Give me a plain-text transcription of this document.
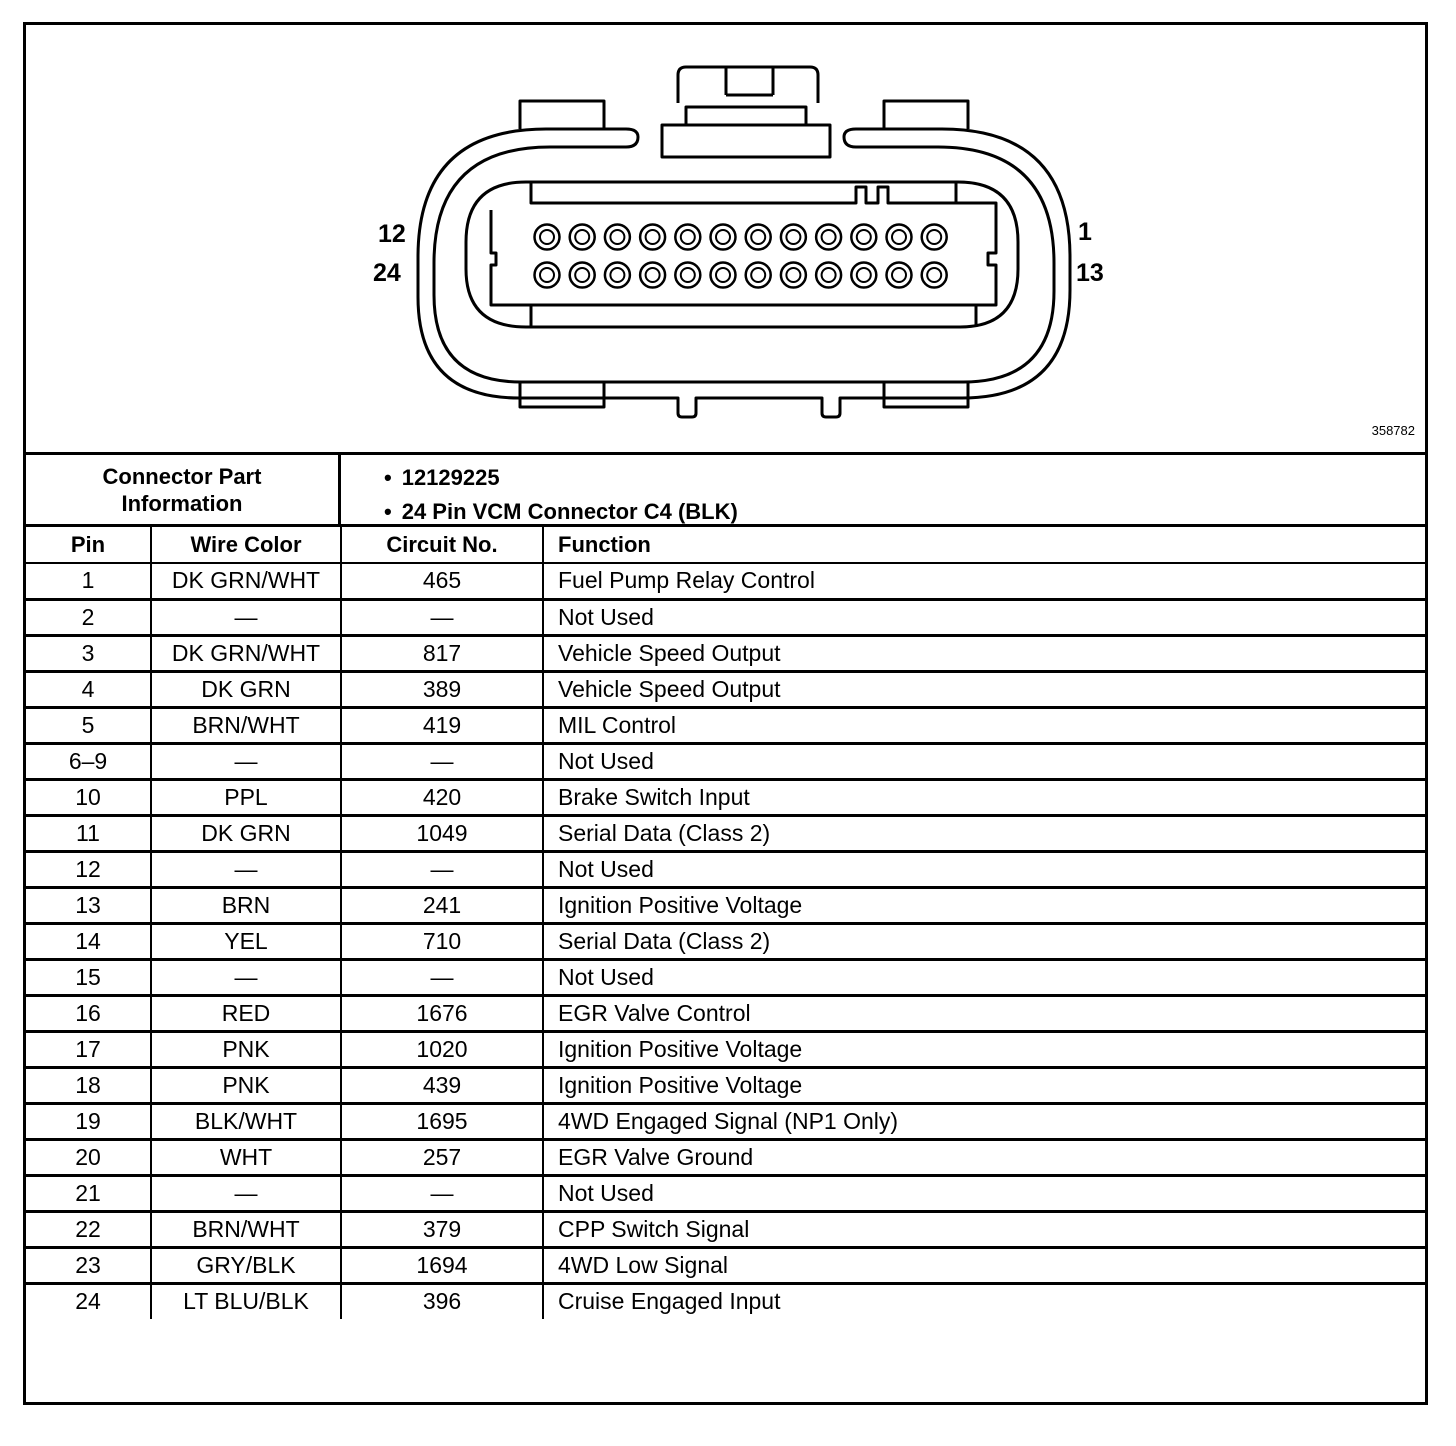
12
24
1
13
358782
Connector Part Information
• 12129225
• 24 Pin VCM Connector C4 (BLK)
Pin	Wire Color	Circuit No.	Function
1	DK GRN/WHT	465	Fuel Pump Relay Control
2	—	—	Not Used
3	DK GRN/WHT	817	Vehicle Speed Output
4	DK GRN	389	Vehicle Speed Output
5	BRN/WHT	419	MIL Control
6–9	—	—	Not Used
10	PPL	420	Brake Switch Input
11	DK GRN	1049	Serial Data (Class 2)
12	—	—	Not Used
13	BRN	241	Ignition Positive Voltage
14	YEL	710	Serial Data (Class 2)
15	—	—	Not Used
16	RED	1676	EGR Valve Control
17	PNK	1020	Ignition Positive Voltage
18	PNK	439	Ignition Positive Voltage
19	BLK/WHT	1695	4WD Engaged Signal (NP1 Only)
20	WHT	257	EGR Valve Ground
21	—	—	Not Used
22	BRN/WHT	379	CPP Switch Signal
23	GRY/BLK	1694	4WD Low Signal
24	LT BLU/BLK	396	Cruise Engaged Input
